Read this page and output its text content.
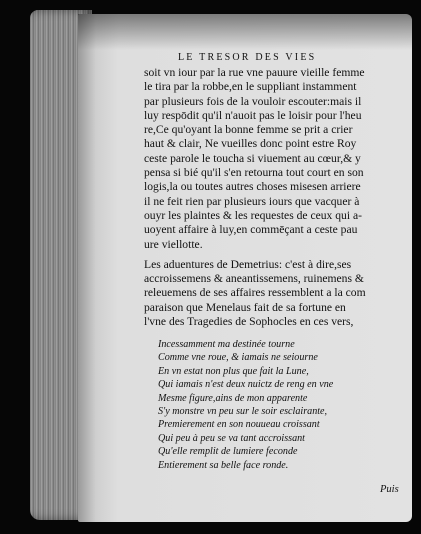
LE TRESOR DES VIES
soit vn iour par la rue vne pauure vieille femme
le tira par la robbe,en le suppliant instamment
par plusieurs fois de la vouloir escouter:mais il
luy respōdit qu'il n'auoit pas le loisir pour l'heu
re,Ce qu'oyant la bonne femme se prit a crier
haut & clair, Ne vueilles donc point estre Roy
ceste parole le toucha si viuement au cœur,& y
pensa si bié qu'il s'en retourna tout court en son
logis,la ou toutes autres choses misesen arriere
il ne feit rien par plusieurs iours que vacquer à
ouyr les plaintes & les requestes de ceux qui a-
uoyent affaire à luy,en commēçant a ceste pau
ure viellotte.
Les aduentures de Demetrius: c'est à dire,ses
accroissemens & aneantissemens, ruinemens &
releuemens de ses affaires ressemblent a la com
paraison que Menelaus fait de sa fortune en
l'vne des Tragedies de Sophocles en ces vers,
Incessamment ma destinée tourne
Comme vne roue, & iamais ne seiourne
En vn estat non plus que fait la Lune,
Qui iamais n'est deux nuictz de reng en vne
Mesme figure,ains de mon apparente
S'y monstre vn peu sur le soir esclairante,
Premierement en son nouueau croissant
Qui peu à peu se va tant accroissant
Qu'elle remplit de lumiere feconde
Entierement sa belle face ronde.
Puis
